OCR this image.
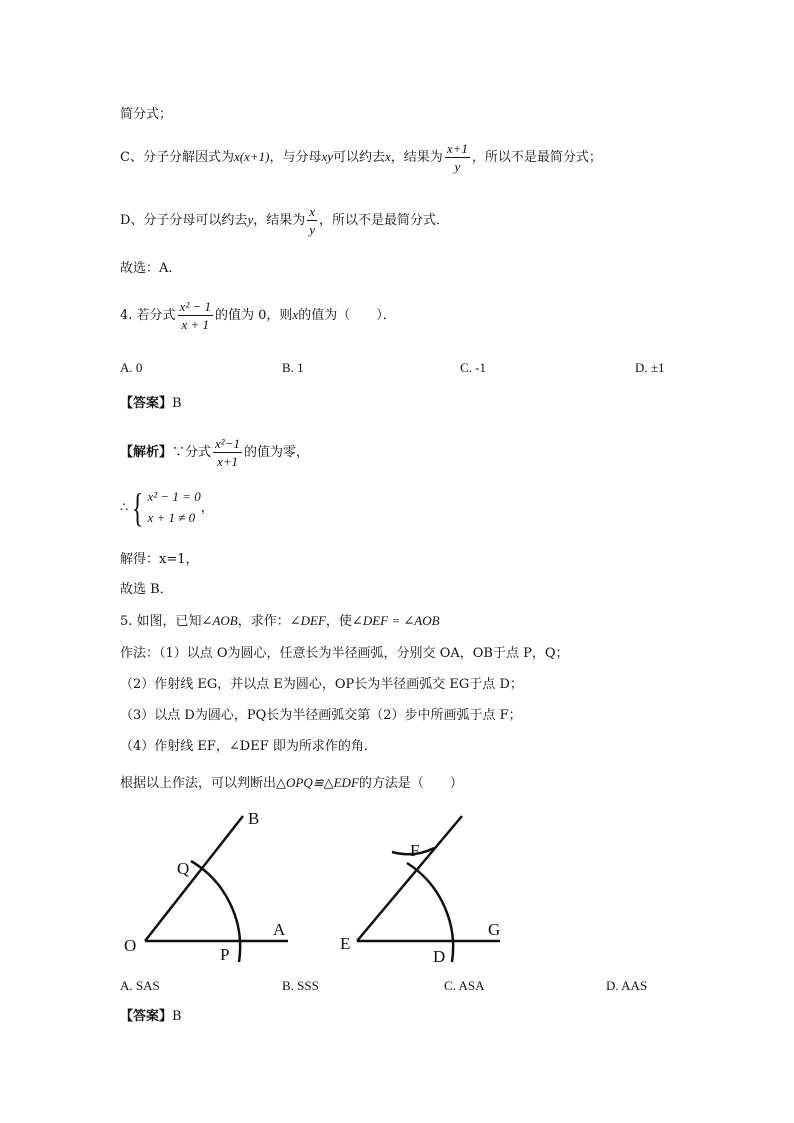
简分式；
C、分子分解因式为x(x+1)，与分母xy可以约去x，结果为 $\frac{x+1}{y}$ ，所以不是最简分式；
D、分子分母可以约去y，结果为 $\frac{x}{y}$ ，所以不是最简分式．
故选：A．
4. 若分式 $\frac{\text{x² − 1}}{x + 1}$ 的值为 0，则x的值为（　　）．
A. 0	B. 1	C. -1	D. ±1
【答案】B
【解析】∵分式 $\frac{\text{x²−1}}{x+1}$ 的值为零，
∴{ x² − 1 = 0
x + 1 ≠ 0
，
解得：x=1，
故选 B．
5. 如图，已知∠AOB，求作：∠DEF，使∠DEF = ∠AOB
作法：（1）以点 O为圆心，任意长为半径画弧，分别交 OA，OB于点 P，Q；
（2）作射线 EG，并以点 E为圆心，OP长为半径画弧交 EG于点 D；
（3）以点 D为圆心，PQ长为半径画弧交第（2）步中所画弧于点 F；
（4）作射线 EF，∠DEF 即为所求作的角．
根据以上作法，可以判断出△OPQ≌△EDF的方法是（　　）
B
Q
O
A
P
F
E
G
D
A. SAS	B. SSS	C. ASA	D. AAS
【答案】B
